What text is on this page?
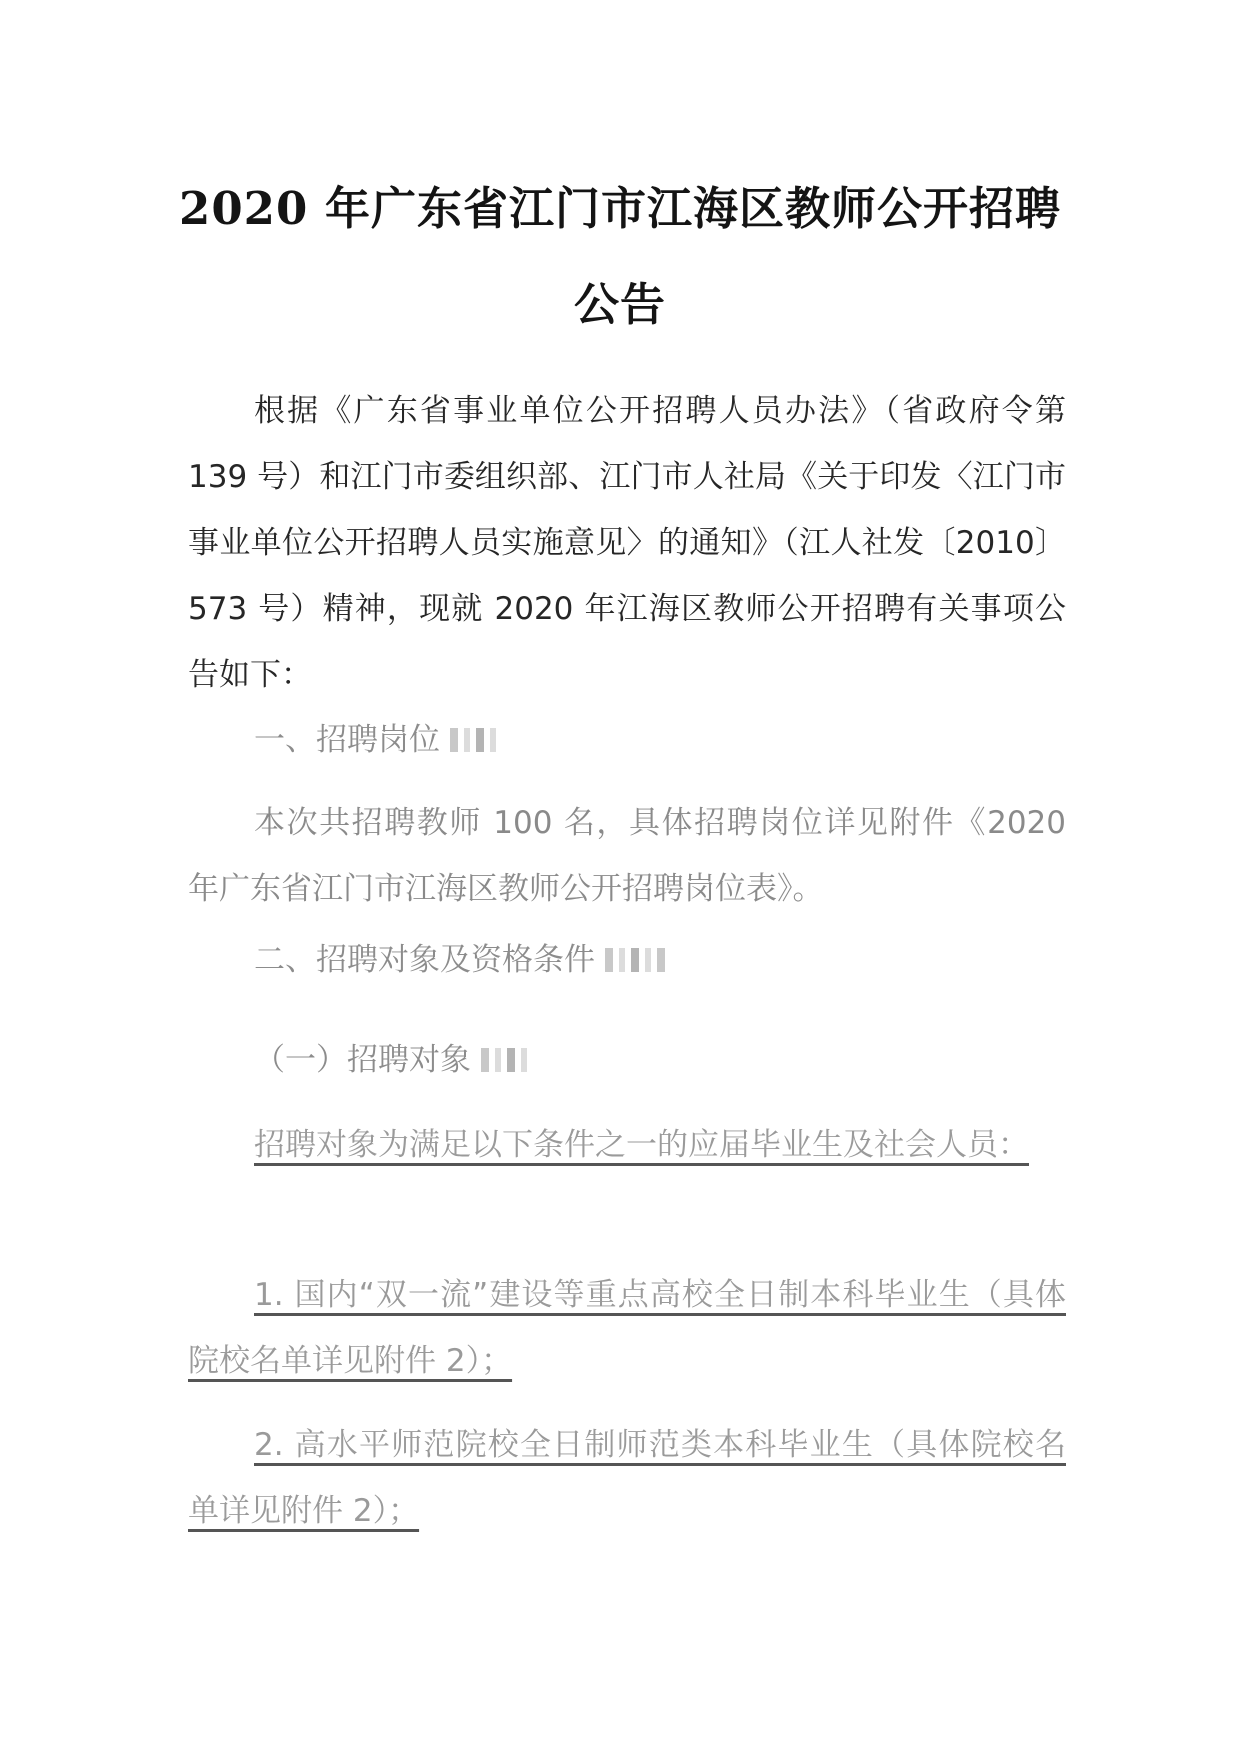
2020 年广东省江门市江海区教师公开招聘
公告
根据《广东省事业单位公开招聘人员办法》（省政府令第 139 号）和江门市委组织部、江门市人社局《关于印发〈江门市事业单位公开招聘人员实施意见〉的通知》（江人社发〔2010〕573 号）精神，现就 2020 年江海区教师公开招聘有关事项公告如下：
一、招聘岗位
本次共招聘教师 100 名，具体招聘岗位详见附件《2020 年广东省江门市江海区教师公开招聘岗位表》。
二、招聘对象及资格条件
（一）招聘对象
招聘对象为满足以下条件之一的应届毕业生及社会人员：
1. 国内“双一流”建设等重点高校全日制本科毕业生（具体院校名单详见附件 2）；
2. 高水平师范院校全日制师范类本科毕业生（具体院校名单详见附件 2）；
